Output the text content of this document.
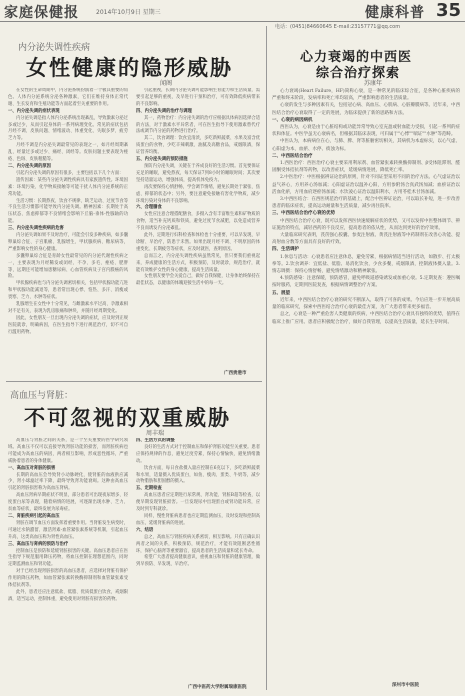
家庭保健报	2014年10月9日 星期三	健康科普 35
电话：(0451)84660645 E-mail:23157771@qq.com
内分泌失调性疾病
女性健康的隐形威胁
闻阁
在女性的生命周期中，内分泌系统扮演着一个极其重要的角色。人体内分泌系统分泌各种激素，它们在维持身体正常代谢、生长发育和生殖功能等方面起着至关重要的作用。
一、内分泌失调的症状表现
内分泌失调是指人体内分泌系统出现紊乱，导致激素分泌过多或过少，从而引起身体的一系列病理变化。常见的症状包括月经不调、皮肤问题、情绪波动、体重变化、失眠多梦、疲劳乏力等。
月经不调是内分泌失调最常见的表现之一，如月经周期紊乱、经量过多或过少、痛经、闭经等。皮肤问题主要表现为痤疮、色斑、皮肤粗糙等。
二、内分泌失调的原因
引起内分泌失调的原因有很多，主要包括以下几个方面：
遗传因素：某些内分泌失调性疾病具有家族遗传性。环境因素：环境污染、化学物质接触等可能干扰人体内分泌系统的正常功能。
生活习惯：长期熬夜、饮食不规律、缺乏运动、过度节食等不良生活习惯都可能导致内分泌失调。精神因素：长期处于高压状态、焦虑抑郁等不良情绪会影响下丘脑-垂体-性腺轴的功能。
三、内分泌失调性疾病的危害
内分泌失调如果不及时治疗，可能会引发多种疾病，如多囊卵巢综合征、子宫肌瘤、乳腺增生、甲状腺疾病、糖尿病等，严重影响女性的身心健康。
多囊卵巢综合征是育龄女性最常见的内分泌代谢性疾病之一，主要表现为月经稀发或闭经、不孕、多毛、痤疮、肥胖等，远期还可能增加患糖尿病、心血管疾病及子宫内膜癌的风险。
甲状腺疾病也与内分泌失调密切相关，包括甲状腺功能亢进和甲状腺功能减退等，患者常出现心悸、怕热、多汗、消瘦或畏寒、乏力、水肿等症状。
乳腺增生在女性中十分常见，与雌激素水平过高、孕激素相对不足有关，表现为乳房胀痛和肿块，并随月经周期变化。
因此，女性朋友一旦出现内分泌失调的症状，应及时到正规医院就诊，明确病因，在医生指导下进行规范治疗，切不可自行滥用药物。
引起重视，长期内分泌失调可能影响生育能力和生活质量，需要引起足够的重视，及早进行干预和治疗，可有效降低疾病带来的不良影响。
四、内分泌失调的治疗与调理
其一，药物治疗：内分泌失调的治疗应根据具体病因选择合适的方法，对于激素水平异常者，可在医生指导下使用激素替代疗法或调节内分泌的药物进行治疗。
其二，饮食调理：饮食宜清淡，多吃新鲜蔬菜、水果及富含优质蛋白的食物，少吃辛辣刺激、油腻及高糖食品，戒烟限酒，保证营养均衡。
五、内分泌失调的预防措施
预防内分泌失调，关键在于养成良好的生活习惯。首先要保证充足的睡眠，避免熬夜，每天保证7到8小时的睡眠时间；其次要坚持适量运动，增强体质，提高机体免疫力。
再次要保持心情舒畅，学会调节情绪，避免长期处于紧张、焦虑、抑郁的状态中；另外，要注意避免接触有害化学物质，减少环境污染对身体的不良影响。
六、合理膳食
女性应注意合理搭配膳食，多摄入含有丰富维生素和矿物质的食物，适当补充钙质和铁质，避免过度节食减肥，以免造成营养不良而诱发内分泌紊乱。
此外，定期进行妇科检查和体检也十分重要，可以早发现、早诊断、早治疗，防患于未然。如果出现月经不调、不明原因的体重变化、长期疲劳等症状，应及时就医，查明原因。
总而言之，内分泌失调性疾病虽然常见，但只要我们重视起来，养成健康的生活方式，积极预防，及时就诊，规范治疗，就能有效维护女性的身心健康，提高生活质量。
女性朋友要学会关爱自己，做好自我保健，让身体始终保持在最佳状态，以健康的体魄迎接生活中的每一天。
广西贵港市
高血压与肾脏：
不可忽视的双重威胁
周丰瑞
高血压与肾脏之间的关系，是一个至关重要的医学研究领域。高血压不仅可以直接导致肾脏功能的损害，而肾脏疾病也可能成为高血压的病因，两者相互影响，形成恶性循环，严重威胁着患者的身体健康。
一、高血压对肾脏的损害
长期的高血压会导致肾小动脉硬化，使肾脏的血液供应减少，肾小球滤过率下降，最终导致肾功能衰竭。这种由高血压引起的肾脏损害称为高血压肾病。
高血压肾病早期症状不明显，部分患者可出现夜尿增多、轻度蛋白尿等表现，随着病情的进展，可逐渐出现水肿、乏力、贫血等症状，最终发展为尿毒症。
二、肾脏疾病引起的高血压
肾脏在调节血压方面发挥着重要作用。当肾脏发生病变时，可通过水钠潴留、激活肾素-血管紧张素系统等机制，引起血压升高，这类高血压称为肾性高血压。
三、高血压与肾病的预防与治疗
控制血压是预防和延缓肾脏损害的关键。高血压患者应在医生指导下规范服用降压药物，将血压控制在理想范围内，同时定期监测血压和肾功能。
对于已经出现肾脏损害的高血压患者，应选择对肾脏有保护作用的降压药物，如血管紧张素转换酶抑制剂和血管紧张素受体拮抗剂等。
此外，患者还应注意低盐、低脂、优质低蛋白饮食，戒烟限酒，适当运动，控制体重，避免使用对肾脏有损害的药物。
四、生活方式的调整
良好的生活方式对于控制血压和保护肾脏功能至关重要。患者应保持规律的作息，避免过度劳累，保持心情愉快，避免情绪激动。
饮食方面，每日食盐摄入量应控制在6克以下，多吃新鲜蔬菜和水果，适量摄入优质蛋白，如鱼、瘦肉、蛋类、牛奶等，减少动物脂肪和胆固醇的摄入。
五、定期检查
高血压患者应定期进行尿常规、肾功能、肾脏B超等检查，以便早期发现肾脏损害。一旦发现尿中出现蛋白或肾功能异常，应及时到专科就诊。
同样，慢性肾脏病患者也应定期监测血压，及时发现和控制高血压，延缓肾脏病的进展。
六、结语
总之，高血压与肾脏疾病关系密切，相互影响。只有正确认识两者之间的关系，积极预防，规范治疗，才能有效阻断恶性循环，保护心脑肾等重要器官，提高患者的生活质量和延长寿命。
希望广大患者提高健康意识，重视血压和肾脏的健康管理，做到早预防、早发现、早治疗。
广西中医药大学附属瑞康医院
心力衰竭的中西医
综合治疗探索
苏康年
心力衰竭(Heart Failure，HF)简称心衰，是一种常见的临床综合征，是各种心脏疾病的严重和终末阶段，发病率和死亡率均较高，严重影响患者的生活质量。
心衰的发生与多种因素有关，包括冠心病、高血压、心肌病、心脏瓣膜病等。近年来，中西医结合治疗心衰取得了一定的进展，为临床提供了新的思路和方法。
一、心衰的病因病机
西医认为，心衰是由于心脏结构或功能异常导致心室充盈或射血能力受损，引起一系列的症状和体征。中医学虽无心衰病名，但根据其临床表现，可归属于"心悸""喘证""水肿"等范畴。
中医认为，本病病位在心，与肺、脾、肾等脏腑密切相关，其病机为本虚标实，以心气虚、心阳虚为本，血瘀、水停、痰浊为标。
二、中西医结合治疗
1.西医治疗：西医治疗心衰主要采用利尿剂、血管紧张素转换酶抑制剂、β受体阻滞剂、醛固酮受体拮抗剂等药物，以改善症状，延缓病情进展，降低死亡率。
2.中医治疗：中医根据辨证论治的原则，针对不同证型采用不同的治疗方法。心气虚证治以益气养心，方用养心汤加减；心阳虚证治以温补心阳，方用参附汤合真武汤加减；血瘀证治以活血化瘀，方用血府逐瘀汤加减；水饮凌心证治以温阳利水，方用苓桂术甘汤加减。
3.中西医结合：在西医规范治疗的基础上，配合中医辨证论治，可以取长补短，进一步改善患者的临床症状，提高运动耐量和生活质量，减少再住院率。
三、中西医结合治疗心衰的优势
中西医结合治疗心衰，既可以发挥西医快速缓解症状的优势，又可以发挥中医整体调节、辨证施治的特点，减轻西药的不良反应，提高患者的依从性，从而达到更好的治疗效果。
大量临床研究表明，芪苈强心胶囊、参麦注射液、黄芪注射液等中药制剂在改善心功能、提高射血分数等方面具有良好的疗效。
四、生活调护
1.休息与活动：心衰患者应注意休息，避免劳累，根据病情适当进行活动，如散步、打太极拳等。2.饮食调养：宜低盐、低脂、易消化饮食，少食多餐，戒烟限酒，控制液体摄入量。3.情志调摄：保持心情舒畅，避免情绪激动和精神紧张。
4.预防感染：注意保暖，预防感冒，避免呼吸道感染诱发或加重心衰。5.定期复查：遵医嘱按时服药，定期到医院复查，根据病情调整治疗方案。
五、展望
近年来，中西医结合治疗心衰的研究不断深入，取得了可喜的成果。今后应进一步开展高质量的临床研究，探索中西医结合治疗心衰的最佳方案，为广大患者带来更多福音。
总之，心衰是一种严重危害人类健康的疾病，中西医结合治疗心衰具有独特的优势，值得在临床上推广应用。患者应积极配合治疗，做好自我管理，以提高生活质量，延长生存时间。
深州市中医院
